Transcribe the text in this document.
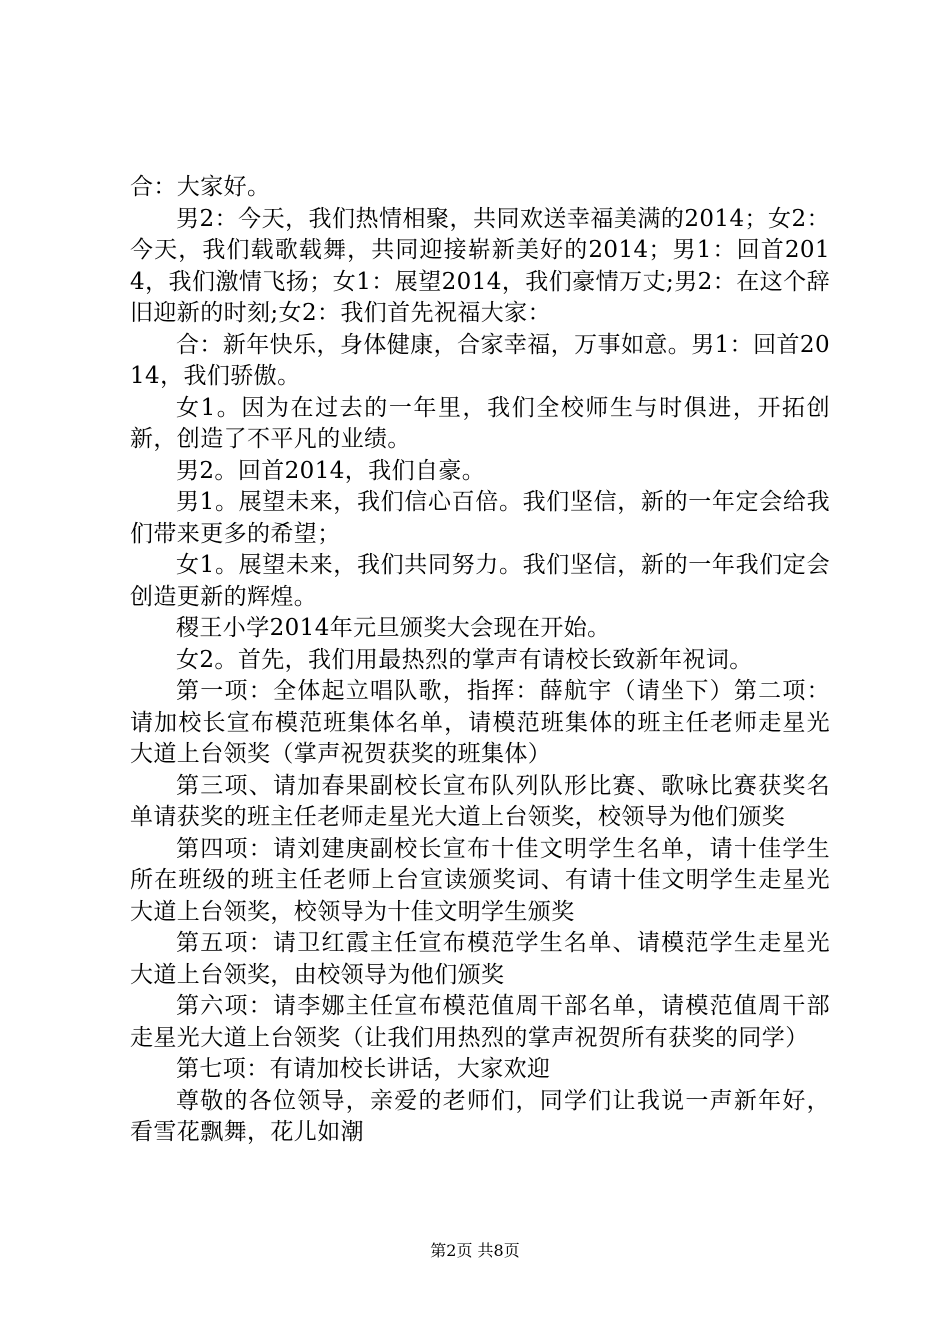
合：大家好。

男2：今天，我们热情相聚，共同欢送幸福美满的2014；女2：今天，我们载歌载舞，共同迎接崭新美好的2014；男1：回首2014，我们激情飞扬；女1：展望2014，我们豪情万丈;男2：在这个辞旧迎新的时刻;女2：我们首先祝福大家：

合：新年快乐，身体健康，合家幸福，万事如意。男1：回首2014，我们骄傲。

女1。因为在过去的一年里，我们全校师生与时俱进，开拓创新，创造了不平凡的业绩。

男2。回首2014，我们自豪。

男1。展望未来，我们信心百倍。我们坚信，新的一年定会给我们带来更多的希望；

女1。展望未来，我们共同努力。我们坚信，新的一年我们定会创造更新的辉煌。

稷王小学2014年元旦颁奖大会现在开始。

女2。首先，我们用最热烈的掌声有请校长致新年祝词。

第一项：全体起立唱队歌，指挥：薛航宇（请坐下）第二项：请加校长宣布模范班集体名单，请模范班集体的班主任老师走星光大道上台领奖（掌声祝贺获奖的班集体）

第三项、请加春果副校长宣布队列队形比赛、歌咏比赛获奖名单请获奖的班主任老师走星光大道上台领奖，校领导为他们颁奖

第四项：请刘建庚副校长宣布十佳文明学生名单，请十佳学生所在班级的班主任老师上台宣读颁奖词、有请十佳文明学生走星光大道上台领奖，校领导为十佳文明学生颁奖

第五项：请卫红霞主任宣布模范学生名单、请模范学生走星光大道上台领奖，由校领导为他们颁奖

第六项：请李娜主任宣布模范值周干部名单，请模范值周干部走星光大道上台领奖（让我们用热烈的掌声祝贺所有获奖的同学）

第七项：有请加校长讲话，大家欢迎

尊敬的各位领导，亲爱的老师们，同学们让我说一声新年好，看雪花飘舞，花儿如潮

第2页 共8页
